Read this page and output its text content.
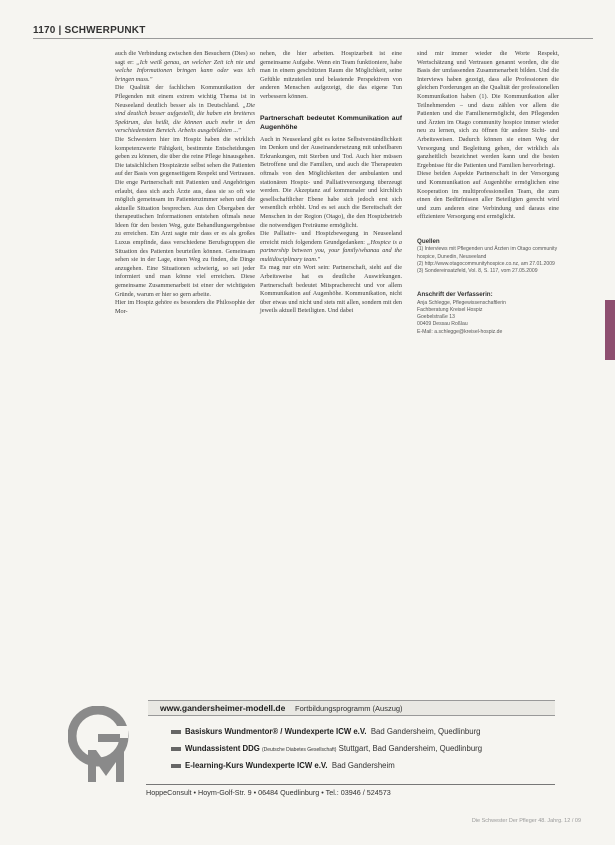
1170 | SCHWERPUNKT

auch die Verbindung zwischen den Besuchern (Dies) so sagt er: „Ich weiß genau, an welcher Zeit ich nie und welche Informationen bringen kann oder was ich bringen muss."

Die Qualität der fachlichen Kommunikation der Pflegenden mit einem extrem wichtig Thema ist in Neuseeland deutlich besser als in Deutschland. „Die sind deutlich besser aufgestellt, die haben ein breiteres Spektrum, das heißt, die können auch mehr in den verschiedensten Bereich. Arbeits ausgebildeten ..."

Die Schwestern hier im Hospiz haben die wirklich kompetenzwerte Fähigkeit, bestimmte Entscheidungen geben zu können, die über die reine Pflege hinausgehen. Die tatsächlichen Hospizärzte selbst sehen die Patienten auf der Basis von gegenseitigem Respekt und Vertrauen. Die enge Partnerschaft mit Patienten und Angehörigen erlaubt, dass sich auch Ärzte aus, dass sie so oft wie möglich gemeinsam im Patientenzimmer sehen und die aktuelle Situation besprechen. Aus den Übergaben der therapeutischen Informationen entstehen oftmals neue Ideen für den besten Weg, gute Behandlungsergebnisse zu erreichen. Ein Arzt sagte mir dass er es als großes Luxus empfinde, dass verschiedene Berufsgruppen die Situation des Patienten beurteilen können. Gemeinsam sehen sie in der Lage, einen Weg zu finden, die Dinge anzugehen. Eine Situationen schwierig, so sei jeder informiert und man könne viel erreichen. Diese gemeinsame Zusammenarbeit ist einer der wichtigsten Gründe, warum er hier so gern arbeite.

Hier im Hospiz gehöre es besonders die Philosophie der Mor-

nehen, die hier arbeiten. Hospizarbeit ist eine gemeinsame Aufgabe. Wenn ein Team funktioniere, habe man in einem geschützten Raum die Möglichkeit, seine Gefühle mitzuteilen und belastende Perspektiven von anderen Menschen aufgezeigt, die das eigene Tun verbessern können.

Partnerschaft bedeutet Kommunikation auf Augenhöhe

Auch in Neuseeland gibt es keine Selbstverständlichkeit im Denken und der Auseinandersetzung mit unheilbaren Erkrankungen, mit Sterben und Tod. Auch hier müssen Betroffene und die Familien, und auch die Therapeuten oftmals von den Möglichkeiten der ambulanten und stationären Hospiz- und Palliativversorgung überzeugt werden. Die Akzeptanz auf kommunaler und kirchlich gesellschaftlicher Ebene habe sich jedoch erst sich wesentlich erhöht. Und es sei auch die Bereitschaft der Menschen in der Region (Otago), die den Hospizbetrieb die notwendigen Freiräume ermöglicht.

Die Palliativ- und Hospizbewegung in Neuseeland erreicht mich folgendem Grundgedanken: „Hospice is a partnership between you, your family/whanau and the multidisciplinary team."

Es mag nur ein Wort sein: Partnerschaft, sieht auf die Arbeitsweise hat es deutliche Auswirkungen. Partnerschaft bedeutet Mitspracherecht und vor allem Kommunikation auf Augenhöhe. Kommunikation, nicht über etwas und nicht und stets mit allen, sondern mit den jeweils aktuell Beteiligten. Und dabei

sind mir immer wieder die Worte Respekt, Wertschätzung und Vertrauen genannt worden, die die Basis der umfassenden Zusammenarbeit bilden. Und die Interviews haben gezeigt, dass alle Professionen die gleichen Forderungen an die Qualität der professionellen Kommunikation haben (1). Die Kommunikation aller Teilnehmenden – und dazu zählen vor allem die Patienten und die Familienermöglicht, den Pflegenden und Ärzten im Otago community hospice immer wieder neu zu lernen, sich zu öffnen für andere Sicht- und Arbeitsweisen. Dadurch können sie einen Weg der Versorgung und Begleitung gehen, der wirklich als ganzheitlich bezeichnet werden kann und die besten Ergebnisse für die Patienten und Familien hervorbringt.

Diese beiden Aspekte Partnerschaft in der Versorgung und Kommunikation auf Augenhöhe ermöglichen eine Kooperation im multiprofessionellen Team, die zum einen den Bedürfnissen aller Beteiligten gerecht wird und zum anderen eine Verbindung und daraus eine effizientere Versorgung erst ermöglicht.

Quellen
(1) Interviews mit Pflegenden und Ärzten im Otago community hospice, Dunedin, Neuseeland
(2) http://www.otagocommunityhospice.co.nz, am 27.01.2009
(3) Sondereinsatzfeld, Vol. 8, S. 117, vom 27.05.2009
Anschrift der Verfasserin:
Anja Schlegge, Pflegewissenschaftlerin
Fachberatung Kreisel Hospiz
Goebelstraße 13
00409 Dessau Roßlau
E-Mail: a.schlegge@kreisel-hospiz.de
www.gandersheimer-modell.de Fortbildungsprogramm (Auszug)
Basiskurs Wundmentor® / Wundexperte ICW e.V. Bad Gandersheim, Quedlinburg
Wundassistent DDG (Deutsche Diabetes Gesellschaft) Stuttgart, Bad Gandersheim, Quedlinburg
E-learning-Kurs Wundexperte ICW e.V. Bad Gandersheim
HoppeConsult • Hoym-Golf-Str. 9 • 06484 Quedlinburg • Tel.: 03946 / 524573
Die Schwester Der Pfleger 48. Jahrg. 12 / 09
